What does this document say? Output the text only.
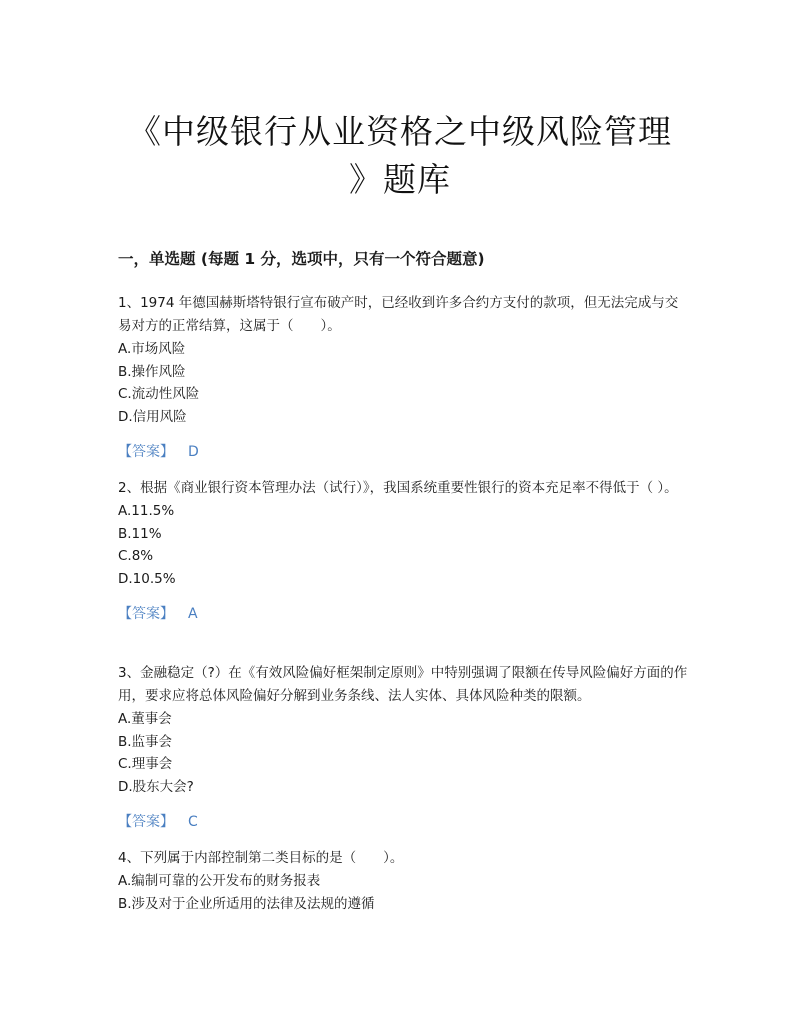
《中级银行从业资格之中级风险管理
》题库
一，单选题 (每题 1 分，选项中，只有一个符合题意)

1、1974 年德国赫斯塔特银行宣布破产时，已经收到许多合约方支付的款项，但无法完成与交易对方的正常结算，这属于（　　）。

A.市场风险

B.操作风险

C.流动性风险

D.信用风险

【答案】 D

2、根据《商业银行资本管理办法（试行）》，我国系统重要性银行的资本充足率不得低于（ ）。

A.11.5%

B.11%

C.8%

D.10.5%

【答案】 A

3、金融稳定（?）在《有效风险偏好框架制定原则》中特别强调了限额在传导风险偏好方面的作用，要求应将总体风险偏好分解到业务条线、法人实体、具体风险种类的限额。

A.董事会

B.监事会

C.理事会

D.股东大会?

【答案】 C

4、下列属于内部控制第二类目标的是（　　）。

A.编制可靠的公开发布的财务报表

B.涉及对于企业所适用的法律及法规的遵循
